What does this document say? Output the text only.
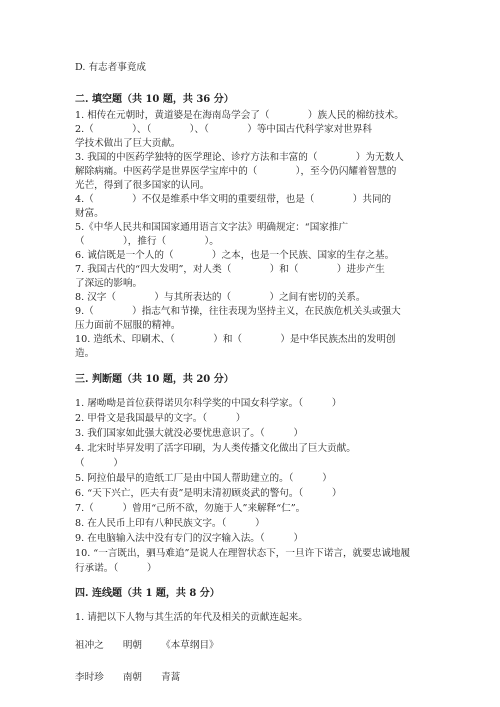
D. 有志者事竟成
二. 填空题（共 10 题，共 36 分）
1. 相传在元朝时，黄道婆是在海南岛学会了（　　　　）族人民的棉纺技术。
2.（　　　　）、（　　　　）、（　　　　）等中国古代科学家对世界科
学技术做出了巨大贡献。
3. 我国的中医药学独特的医学理论、诊疗方法和丰富的（　　　　）为无数人
解除病痛。中医药学是世界医学宝库中的（　　　　），至今仍闪耀着智慧的
光芒，得到了很多国家的认同。
4.（　　　　）不仅是维系中华文明的重要纽带，也是（　　　　）共同的
财富。
5.《中华人民共和国国家通用语言文字法》明确规定：“国家推广
（　　　　），推行（　　　　）。
6. 诚信既是一个人的（　　　　）之本，也是一个民族、国家的生存之基。
7. 我国古代的“四大发明”，对人类（　　　　）和（　　　　）进步产生
了深远的影响。
8. 汉字（　　　　）与其所表达的（　　　　）之间有密切的关系。
9.（　　　　）指志气和节操，往往表现为坚持主义，在民族危机关头或强大
压力面前不屈服的精神。
10. 造纸术、印刷术、（　　　　）和（　　　　）是中华民族杰出的发明创
造。
三. 判断题（共 10 题，共 20 分）
1. 屠呦呦是首位获得诺贝尔科学奖的中国女科学家。（　　　）
2. 甲骨文是我国最早的文字。（　　　）
3. 我们国家如此强大就没必要忧患意识了。（　　　）
4. 北宋时毕昇发明了活字印刷，为人类传播文化做出了巨大贡献。
（　　　）
5. 阿拉伯最早的造纸工厂是由中国人帮助建立的。（　　　）
6. “天下兴亡，匹夫有责”是明末清初顾炎武的警句。（　　　）
7.（　　　）曾用“己所不欲，勿施于人”来解释“仁”。
8. 在人民币上印有八种民族文字。（　　　）
9. 在电脑输入法中没有专门的汉字输入法。（　　　）
10. “一言既出，驷马难追”是说人在理智状态下，一旦许下诺言，就要忠诚地履
行承诺。（　　　）
四. 连线题（共 1 题，共 8 分）
1. 请把以下人物与其生活的年代及相关的贡献连起来。
祖冲之 明朝 《本草纲目》
李时珍 南朝 青蒿
